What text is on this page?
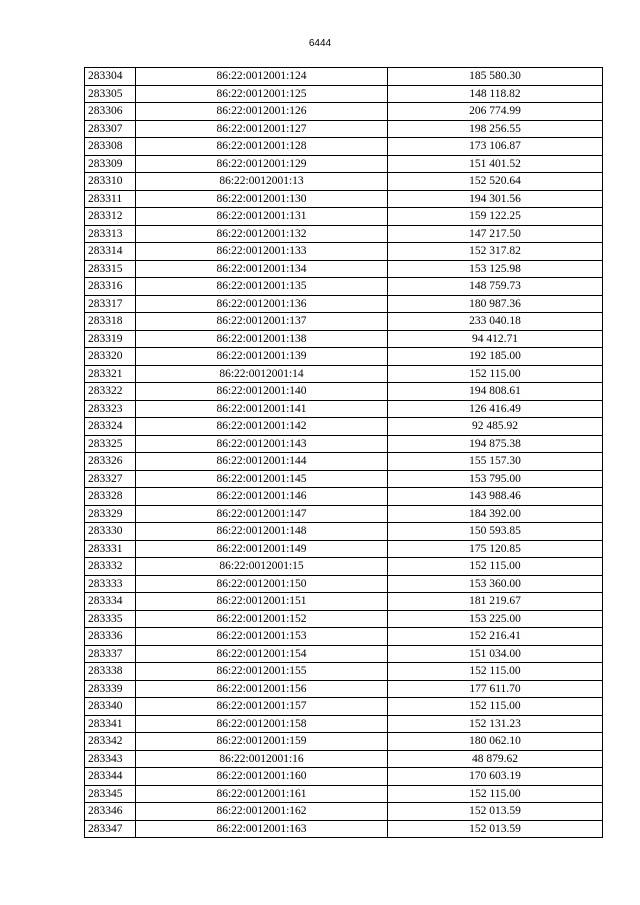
6444
283304	86:22:0012001:124	185 580.30
283305	86:22:0012001:125	148 118.82
283306	86:22:0012001:126	206 774.99
283307	86:22:0012001:127	198 256.55
283308	86:22:0012001:128	173 106.87
283309	86:22:0012001:129	151 401.52
283310	86:22:0012001:13	152 520.64
283311	86:22:0012001:130	194 301.56
283312	86:22:0012001:131	159 122.25
283313	86:22:0012001:132	147 217.50
283314	86:22:0012001:133	152 317.82
283315	86:22:0012001:134	153 125.98
283316	86:22:0012001:135	148 759.73
283317	86:22:0012001:136	180 987.36
283318	86:22:0012001:137	233 040.18
283319	86:22:0012001:138	94 412.71
283320	86:22:0012001:139	192 185.00
283321	86:22:0012001:14	152 115.00
283322	86:22:0012001:140	194 808.61
283323	86:22:0012001:141	126 416.49
283324	86:22:0012001:142	92 485.92
283325	86:22:0012001:143	194 875.38
283326	86:22:0012001:144	155 157.30
283327	86:22:0012001:145	153 795.00
283328	86:22:0012001:146	143 988.46
283329	86:22:0012001:147	184 392.00
283330	86:22:0012001:148	150 593.85
283331	86:22:0012001:149	175 120.85
283332	86:22:0012001:15	152 115.00
283333	86:22:0012001:150	153 360.00
283334	86:22:0012001:151	181 219.67
283335	86:22:0012001:152	153 225.00
283336	86:22:0012001:153	152 216.41
283337	86:22:0012001:154	151 034.00
283338	86:22:0012001:155	152 115.00
283339	86:22:0012001:156	177 611.70
283340	86:22:0012001:157	152 115.00
283341	86:22:0012001:158	152 131.23
283342	86:22:0012001:159	180 062.10
283343	86:22:0012001:16	48 879.62
283344	86:22:0012001:160	170 603.19
283345	86:22:0012001:161	152 115.00
283346	86:22:0012001:162	152 013.59
283347	86:22:0012001:163	152 013.59
